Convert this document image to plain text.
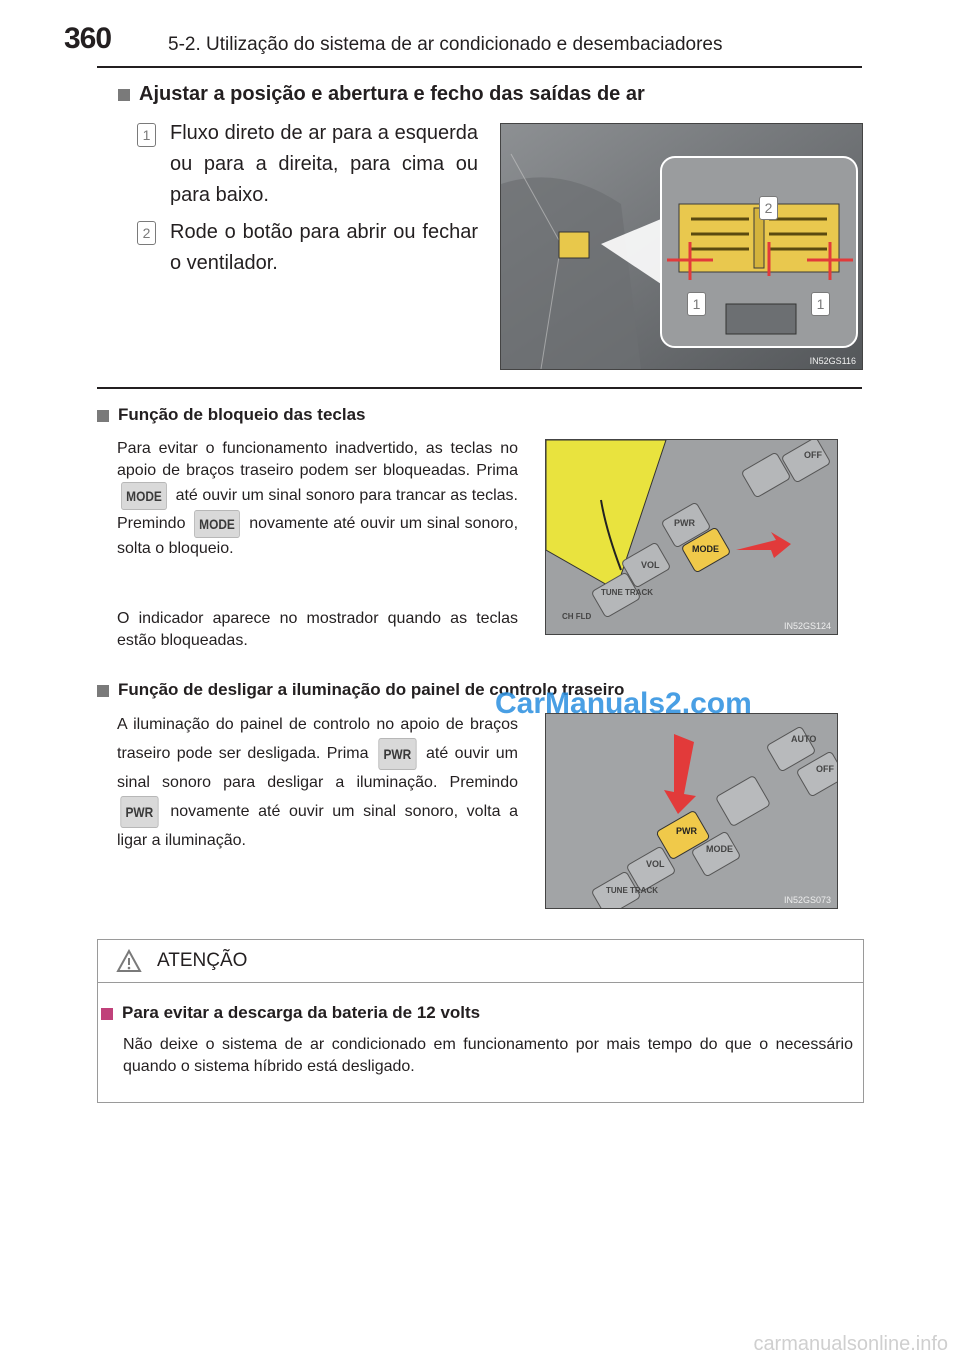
360	5-2. Utilização do sistema de ar condicionado e desembaciadores
Ajustar a posição e abertura e fecho das saídas de ar
1 Fluxo direto de ar para a esquerda ou para a direita, para cima ou para baixo.
2 Rode o botão para abrir ou fechar o ventilador.
2
1	1
IN52GS116
Função de bloqueio das teclas
Para evitar o funcionamento inadvertido, as teclas no apoio de braços traseiro podem ser bloqueadas. Prima MODE até ouvir um sinal sonoro para trancar as teclas. Premindo MODE novamente até ouvir um sinal sonoro, solta o bloqueio.
O indicador aparece no mostrador quando as teclas estão bloqueadas.
OFF
PWR
MODE
VOL
TUNE TRACK
CH FLD
IN52GS124
Função de desligar a iluminação do painel de controlo traseiro
A iluminação do painel de controlo no apoio de braços traseiro pode ser desligada. Prima PWR até ouvir um sinal sonoro para desligar a iluminação. Premindo PWR novamente até ouvir um sinal sonoro, volta a ligar a iluminação.
AUTO
OFF
PWR
MODE
VOL
TUNE TRACK
IN52GS073
CarManuals2.com
ATENÇÃO
Para evitar a descarga da bateria de 12 volts
Não deixe o sistema de ar condicionado em funcionamento por mais tempo do que o necessário quando o sistema híbrido está desligado.
carmanualsonline.info
